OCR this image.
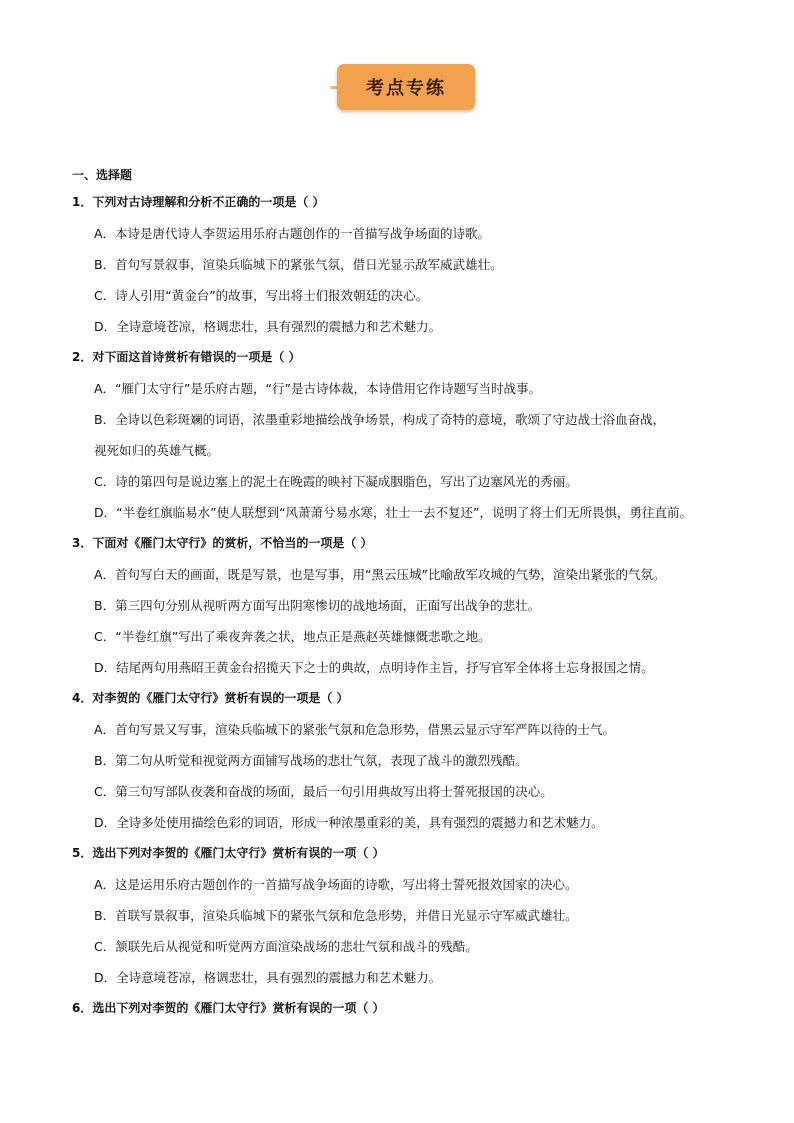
考点专练
一、选择题
1．下列对古诗理解和分析不正确的一项是（ ）
A．本诗是唐代诗人李贺运用乐府古题创作的一首描写战争场面的诗歌。
B．首句写景叙事，渲染兵临城下的紧张气氛，借日光显示敌军威武雄壮。
C．诗人引用“黄金台”的故事，写出将士们报效朝廷的决心。
D．全诗意境苍凉，格调悲壮，具有强烈的震撼力和艺术魅力。
2．对下面这首诗赏析有错误的一项是（ ）
A．“雁门太守行”是乐府古题，“行”是古诗体裁，本诗借用它作诗题写当时战事。
B．全诗以色彩斑斓的词语，浓墨重彩地描绘战争场景，构成了奇特的意境，歌颂了守边战士浴血奋战，
视死如归的英雄气概。
C．诗的第四句是说边塞上的泥土在晚霞的映衬下凝成胭脂色，写出了边塞风光的秀丽。
D．“半卷红旗临易水”使人联想到“风萧萧兮易水寒，壮士一去不复还”，说明了将士们无所畏惧，勇往直前。
3．下面对《雁门太守行》的赏析，不恰当的一项是（ ）
A．首句写白天的画面，既是写景，也是写事，用“黑云压城”比喻敌军攻城的气势，渲染出紧张的气氛。
B．第三四句分别从视听两方面写出阴寒惨切的战地场面，正面写出战争的悲壮。
C．“半卷红旗”写出了乘夜奔袭之状，地点正是燕赵英雄慷慨悲歌之地。
D．结尾两句用燕昭王黄金台招揽天下之士的典故，点明诗作主旨，抒写官军全体将士忘身报国之情。
4．对李贺的《雁门太守行》赏析有误的一项是（ ）
A．首句写景又写事，渲染兵临城下的紧张气氛和危急形势，借黑云显示守军严阵以待的士气。
B．第二句从听觉和视觉两方面铺写战场的悲壮气氛，表现了战斗的激烈残酷。
C．第三句写部队夜袭和奋战的场面，最后一句引用典故写出将士誓死报国的决心。
D．全诗多处使用描绘色彩的词语，形成一种浓墨重彩的美，具有强烈的震撼力和艺术魅力。
5．选出下列对李贺的《雁门太守行》赏析有误的一项（ ）
A．这是运用乐府古题创作的一首描写战争场面的诗歌，写出将士誓死报效国家的决心。
B．首联写景叙事，渲染兵临城下的紧张气氛和危急形势，并借日光显示守军威武雄壮。
C．颔联先后从视觉和听觉两方面渲染战场的悲壮气氛和战斗的残酷。
D．全诗意境苍凉，格调悲壮，具有强烈的震撼力和艺术魅力。
6．选出下列对李贺的《雁门太守行》赏析有误的一项（ ）
